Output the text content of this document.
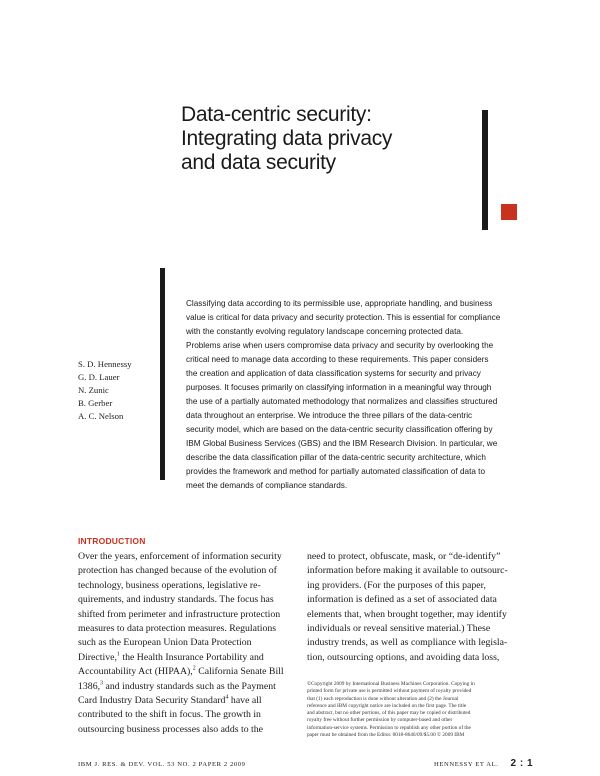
Data-centric security:
Integrating data privacy
and data security
S. D. Hennessy
G. D. Lauer
N. Zunic
B. Gerber
A. C. Nelson
Classifying data according to its permissible use, appropriate handling, and business
value is critical for data privacy and security protection. This is essential for compliance
with the constantly evolving regulatory landscape concerning protected data.
Problems arise when users compromise data privacy and security by overlooking the
critical need to manage data according to these requirements. This paper considers
the creation and application of data classification systems for security and privacy
purposes. It focuses primarily on classifying information in a meaningful way through
the use of a partially automated methodology that normalizes and classifies structured
data throughout an enterprise. We introduce the three pillars of the data-centric
security model, which are based on the data-centric security classification offering by
IBM Global Business Services (GBS) and the IBM Research Division. In particular, we
describe the data classification pillar of the data-centric security architecture, which
provides the framework and method for partially automated classification of data to
meet the demands of compliance standards.
INTRODUCTION
Over the years, enforcement of information security
protection has changed because of the evolution of
technology, business operations, legislative re-
quirements, and industry standards. The focus has
shifted from perimeter and infrastructure protection
measures to data protection measures. Regulations
such as the European Union Data Protection
Directive,$^1$ the Health Insurance Portability and
Accountability Act (HIPAA),$^2$ California Senate Bill
1386,$^3$ and industry standards such as the Payment
Card Industry Data Security Standard$^4$ have all
contributed to the shift in focus. The growth in
outsourcing business processes also adds to the
need to protect, obfuscate, mask, or “de-identify”
information before making it available to outsourc-
ing providers. (For the purposes of this paper,
information is defined as a set of associated data
elements that, when brought together, may identify
individuals or reveal sensitive material.) These
industry trends, as well as compliance with legisla-
tion, outsourcing options, and avoiding data loss,
©Copyright 2009 by International Business Machines Corporation. Copying in
printed form for private use is permitted without payment of royalty provided
that (1) each reproduction is done without alteration and (2) the Journal
reference and IBM copyright notice are included on the first page. The title
and abstract, but no other portions, of this paper may be copied or distributed
royalty free without further permission by computer-based and other
information-service systems. Permission to republish any other portion of the
paper must be obtained from the Editor. 0018-8646/09/$5.00 © 2009 IBM
IBM J. RES. & DEV. VOL. 53 NO. 2 PAPER 2 2009	HENNESSY ET AL. 2 : 1
